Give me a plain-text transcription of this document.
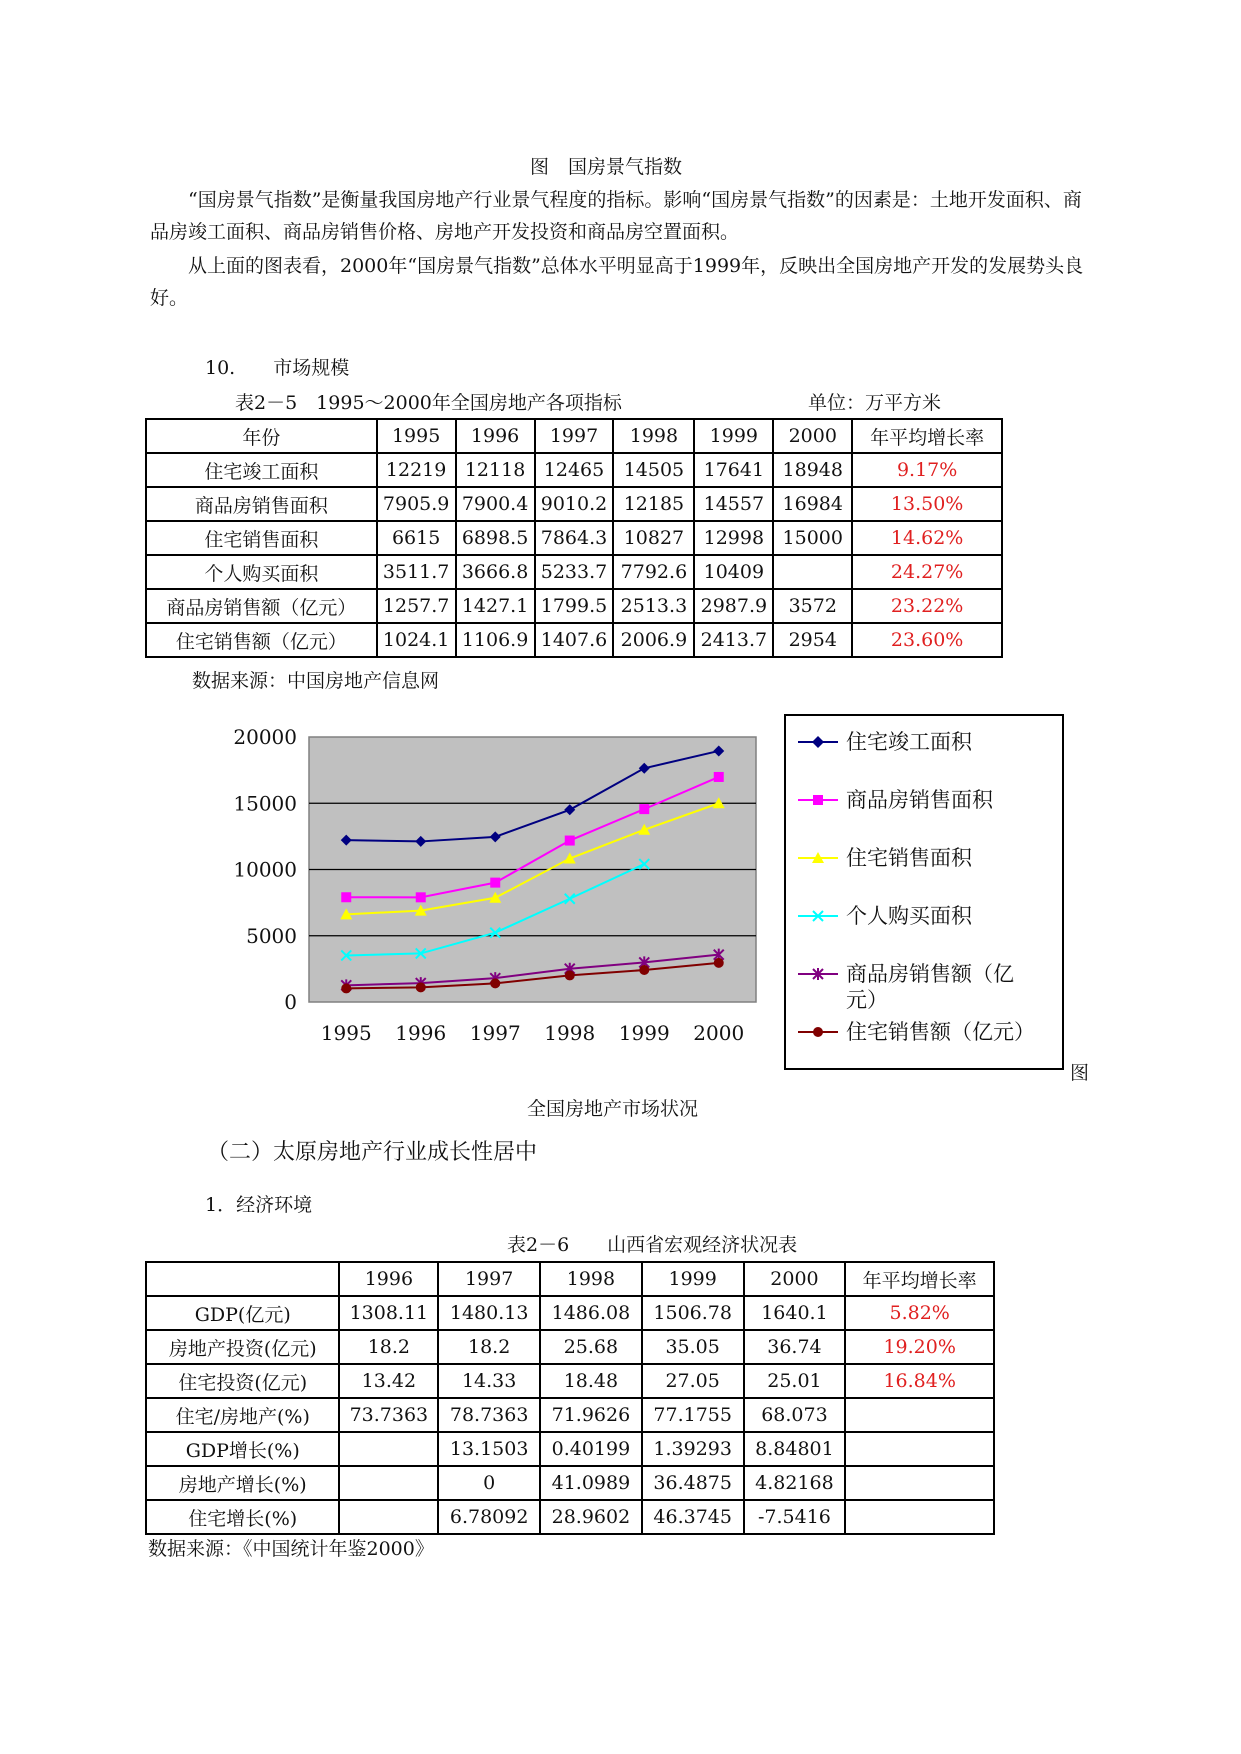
图　国房景气指数
“国房景气指数”是衡量我国房地产行业景气程度的指标。影响“国房景气指数”的因素是：土地开发面积、商品房竣工面积、商品房销售价格、房地产开发投资和商品房空置面积。
从上面的图表看，2000年“国房景气指数”总体水平明显高于1999年，反映出全国房地产开发的发展势头良好。
10.　　市场规模
表2－5　1995～2000年全国房地产各项指标	单位：万平方米
年份	1995	1996	1997	1998	1999	2000	年平均增长率
住宅竣工面积	12219	12118	12465	14505	17641	18948	9.17%
商品房销售面积	7905.9	7900.4	9010.2	12185	14557	16984	13.50%
住宅销售面积	6615	6898.5	7864.3	10827	12998	15000	14.62%
个人购买面积	3511.7	3666.8	5233.7	7792.6	10409		24.27%
商品房销售额（亿元）	1257.7	1427.1	1799.5	2513.3	2987.9	3572	23.22%
住宅销售额（亿元）	1024.1	1106.9	1407.6	2006.9	2413.7	2954	23.60%
数据来源：中国房地产信息网
0
5000
10000
15000
20000
1995 1996 1997 1998 1999 2000
住宅竣工面积
商品房销售面积
住宅销售面积
个人购买面积
商品房销售额（亿
元）
住宅销售额（亿元）
图
全国房地产市场状况
（二）太原房地产行业成长性居中
1．经济环境
表2－6　　山西省宏观经济状况表
	1996	1997	1998	1999	2000	年平均增长率
GDP(亿元)	1308.11	1480.13	1486.08	1506.78	1640.1	5.82%
房地产投资(亿元)	18.2	18.2	25.68	35.05	36.74	19.20%
住宅投资(亿元)	13.42	14.33	18.48	27.05	25.01	16.84%
住宅/房地产(%)	73.7363	78.7363	71.9626	77.1755	68.073	
GDP增长(%)		13.1503	0.40199	1.39293	8.84801	
房地产增长(%)		0	41.0989	36.4875	4.82168	
住宅增长(%)		6.78092	28.9602	46.3745	-7.5416	
数据来源：《中国统计年鉴2000》
